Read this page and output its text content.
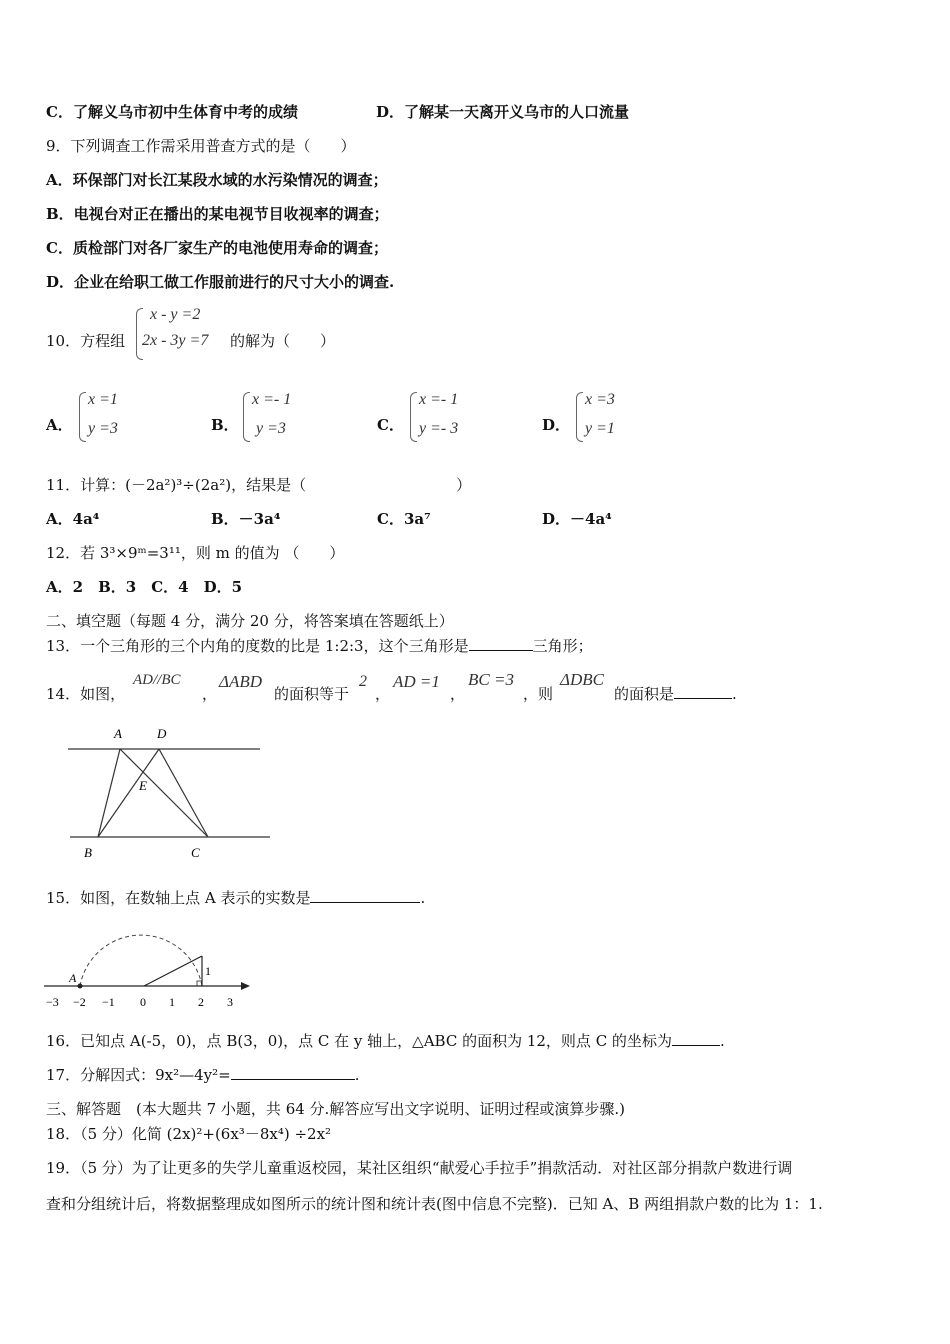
C．了解义乌市初中生体育中考的成绩	D．了解某一天离开义乌市的人口流量
9．下列调查工作需采用普查方式的是（　　）
A．环保部门对长江某段水域的水污染情况的调查；
B．电视台对正在播出的某电视节目收视率的调查；
C．质检部门对各厂家生产的电池使用寿命的调查；
D．企业在给职工做工作服前进行的尺寸大小的调查.
10．方程组
x - y =2
2x - 3y =7 的解为（　　）
A．
x =1
y =3	B．
x =- 1
y =3	C．
x =- 1
y =- 3	D．
x =3
y =1
11．计算：(－2a²)³÷(2a²)，结果是（　　　　　　　　　　）
A．4a⁴	B．－3a⁴	C．3a⁷	D．－4a⁴
12．若 3³×9ᵐ=3¹¹，则 m 的值为 （　　）
A．2　B．3　C．4　D．5
二、填空题（每题 4 分，满分 20 分，将答案填在答题纸上）
13．一个三角形的三个内角的度数的比是 1:2:3，这个三角形是	三角形；
14．如图，
AD//BC
，
ΔABD
的面积等于
2
，
AD =1
，
BC =3
，则
ΔDBC
的面积是	.
A	D
E
B	C
15．如图，在数轴上点 A 表示的实数是	.
A	1
−3 −2 −1 0 1 2 3
16．已知点 A(-5，0)，点 B(3，0)，点 C 在 y 轴上，△ABC 的面积为 12，则点 C 的坐标为	.
17．分解因式：9x²—4y²=	.
三、解答题　(本大题共 7 小题，共 64 分.解答应写出文字说明、证明过程或演算步骤.)
18．（5 分）化简 (2x)²+(6x³－8x⁴) ÷2x²
19．（5 分）为了让更多的失学儿童重返校园，某社区组织“献爱心手拉手”捐款活动．对社区部分捐款户数进行调
查和分组统计后，将数据整理成如图所示的统计图和统计表(图中信息不完整)．已知 A、B 两组捐款户数的比为 1：1.
